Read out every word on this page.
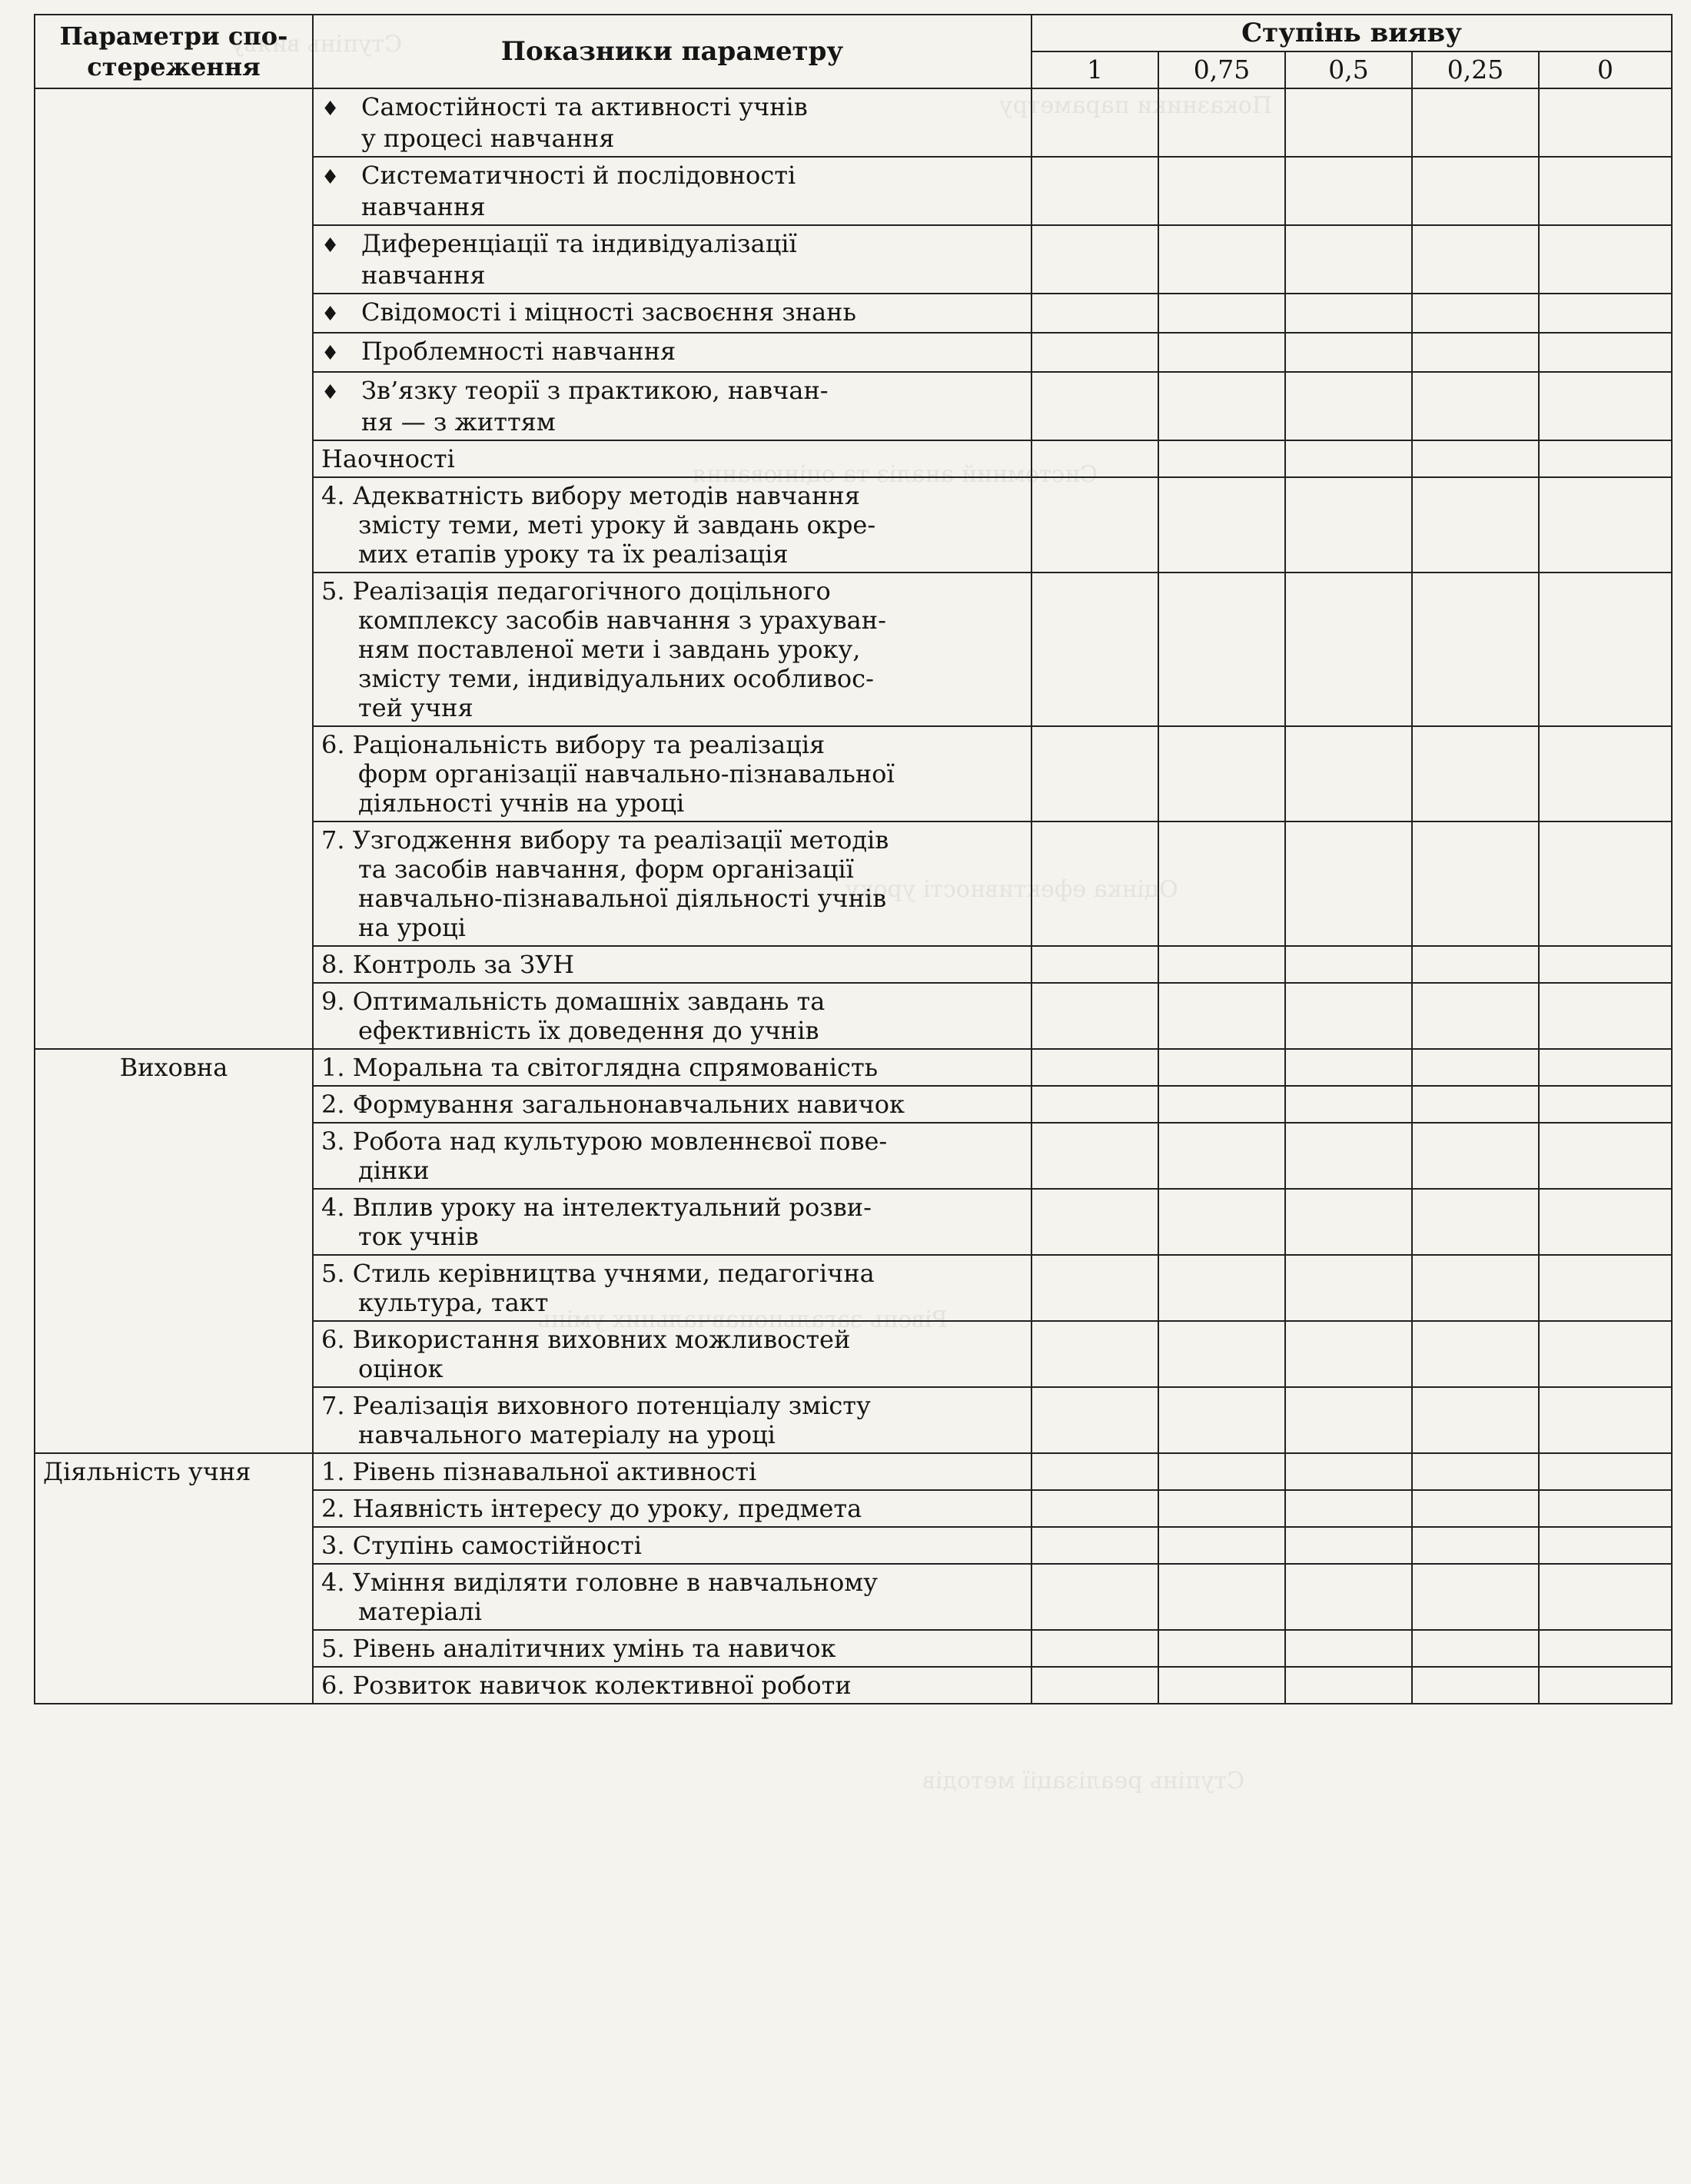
Ступінь вияву
Показники параметру
Системний аналіз та оцінювання
Оцінка ефективності уроку
Рівень загальнонавчальних умінь
Ступінь реалізації методів
Параметри спо-
стереження	Показники параметру	Ступінь вияву				
		1	0,75	0,5	0,25	0

	♦ Самостійності та активності учнів
у процесі навчання					

	♦ Систематичності й послідовності
навчання					

	♦ Диференціації та індивідуалізації
навчання					

	♦ Свідомості і міцності засвоєння знань					

	♦ Проблемності навчання					

	♦ Зв’язку теорії з практикою, навчан-
ня — з життям					

	Наочності					

	4. Адекватність вибору методів навчання
змісту теми, меті уроку й завдань окре-
мих етапів уроку та їх реалізація					

	5. Реалізація педагогічного доцільного
комплексу засобів навчання з урахуван-
ням поставленої мети і завдань уроку,
змісту теми, індивідуальних особливос-
тей учня					

	6. Раціональність вибору та реалізація
форм організації навчально-пізнавальної
діяльності учнів на уроці					

	7. Узгодження вибору та реалізації методів
та засобів навчання, форм організації
навчально-пізнавальної діяльності учнів
на уроці					

	8. Контроль за ЗУН					

	9. Оптимальність домашніх завдань та
ефективність їх доведення до учнів					

Виховна	1. Моральна та світоглядна спрямованість					

	2. Формування загальнонавчальних навичок					

	3. Робота над культурою мовленнєвої пове-
дінки					

	4. Вплив уроку на інтелектуальний розви-
ток учнів					

	5. Стиль керівництва учнями, педагогічна
культура, такт					

	6. Використання виховних можливостей
оцінок					

	7. Реалізація виховного потенціалу змісту
навчального матеріалу на уроці					

Діяльність учня	1. Рівень пізнавальної активності					

	2. Наявність інтересу до уроку, предмета					

	3. Ступінь самостійності					

	4. Уміння виділяти головне в навчальному
матеріалі					

	5. Рівень аналітичних умінь та навичок					

	6. Розвиток навичок колективної роботи					
